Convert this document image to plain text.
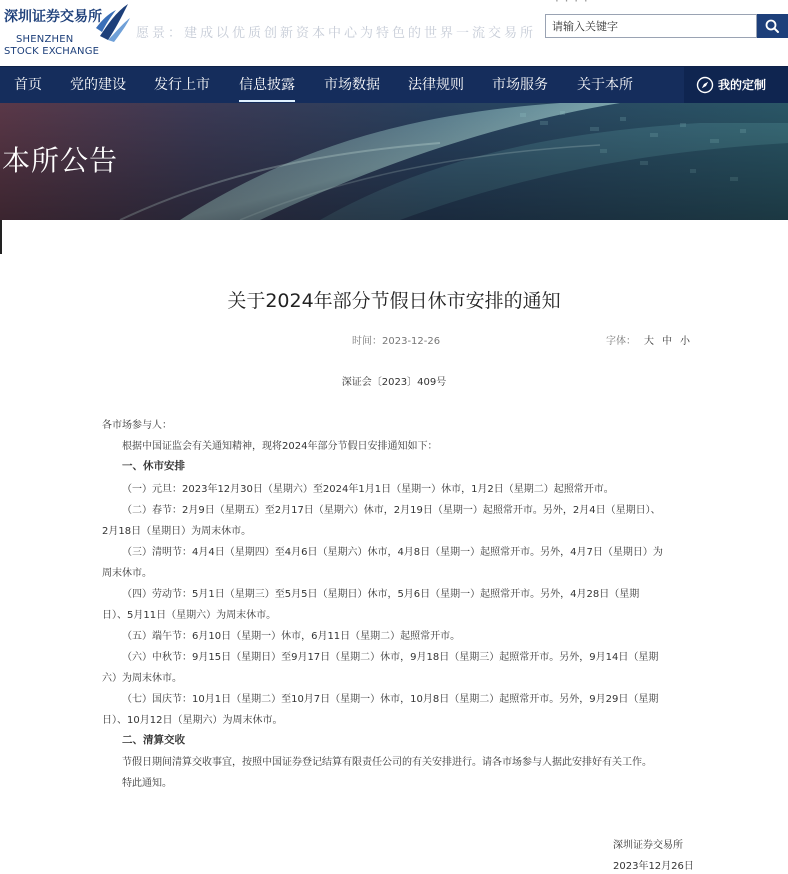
· · · ·
深圳证券交易所
SHENZHEN
STOCK EXCHANGE
愿景：建成以优质创新资本中心为特色的世界一流交易所
请输入关键字
首页 党的建设 发行上市 信息披露 市场数据 法律规则 市场服务 关于本所	我的定制
本所公告
关于2024年部分节假日休市安排的通知
时间：2023-12-26	字体： 大 中 小
深证会〔2023〕409号
各市场参与人：
根据中国证监会有关通知精神，现将2024年部分节假日安排通知如下：
一、休市安排
（一）元旦：2023年12月30日（星期六）至2024年1月1日（星期一）休市，1月2日（星期二）起照常开市。
（二）春节：2月9日（星期五）至2月17日（星期六）休市，2月19日（星期一）起照常开市。另外，2月4日（星期日）、
2月18日（星期日）为周末休市。
（三）清明节：4月4日（星期四）至4月6日（星期六）休市，4月8日（星期一）起照常开市。另外，4月7日（星期日）为
周末休市。
（四）劳动节：5月1日（星期三）至5月5日（星期日）休市，5月6日（星期一）起照常开市。另外，4月28日（星期
日）、5月11日（星期六）为周末休市。
（五）端午节：6月10日（星期一）休市，6月11日（星期二）起照常开市。
（六）中秋节：9月15日（星期日）至9月17日（星期二）休市，9月18日（星期三）起照常开市。另外，9月14日（星期
六）为周末休市。
（七）国庆节：10月1日（星期二）至10月7日（星期一）休市，10月8日（星期二）起照常开市。另外，9月29日（星期
日）、10月12日（星期六）为周末休市。
二、清算交收
节假日期间清算交收事宜，按照中国证券登记结算有限责任公司的有关安排进行。请各市场参与人据此安排好有关工作。
特此通知。
深圳证券交易所
2023年12月26日
